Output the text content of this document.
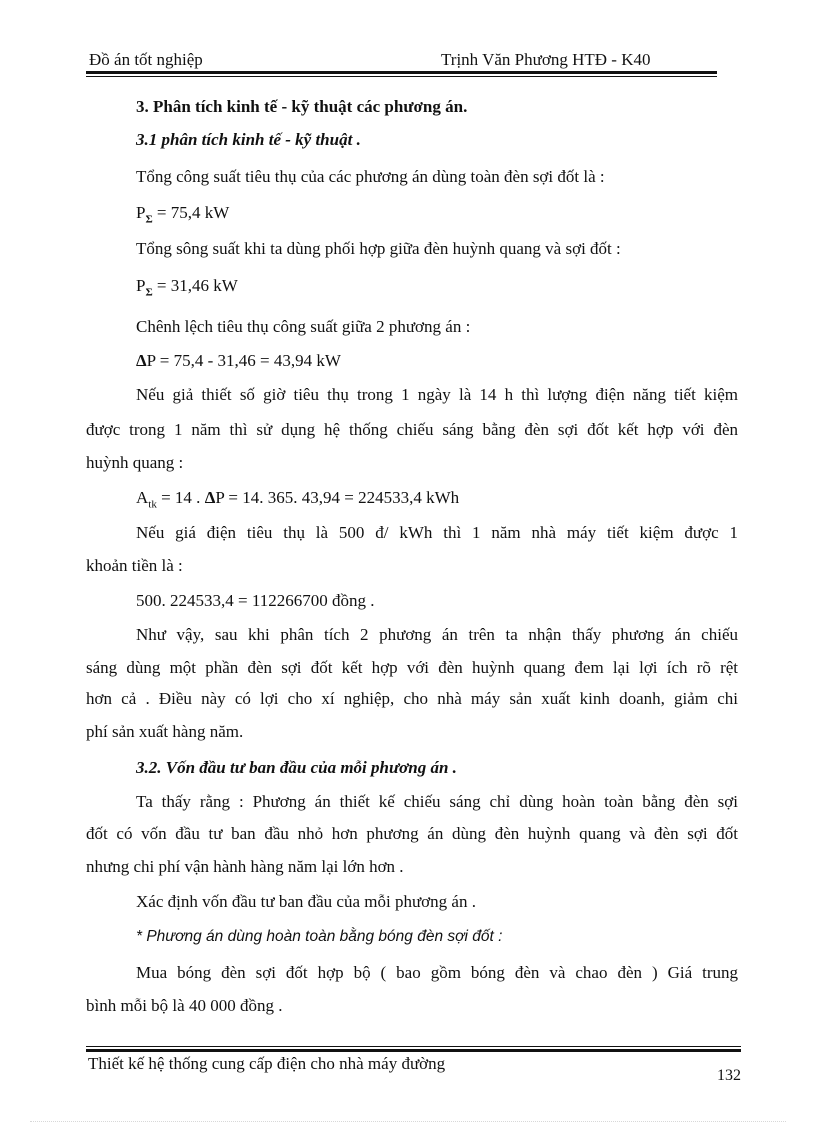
Đồ án tốt nghiệp	Trịnh Văn Phương HTĐ - K40
3. Phân tích kinh tế - kỹ thuật các phương án.
3.1 phân tích kinh tế - kỹ thuật .
Tổng công suất tiêu thụ của các phương án dùng toàn đèn sợi đốt là :
$P_\Sigma = 75,4$ kW
Tổng sông suất khi ta dùng phối hợp giữa đèn huỳnh quang và sợi đốt :
$P_\Sigma = 31,46$ kW
Chênh lệch tiêu thụ công suất giữa 2 phương án :
ΔP = 75,4 - 31,46 = 43,94 kW
Nếu giả thiết số giờ tiêu thụ trong 1 ngày là 14 h thì lượng điện năng tiết kiệm
được trong 1 năm thì sử dụng hệ thống chiếu sáng bằng đèn sợi đốt kết hợp với đèn
huỳnh quang :
$A_{tk} = 14$ . ΔP = 14. 365. 43,94 = 224533,4 kWh
Nếu giá điện tiêu thụ là 500 đ/ kWh thì 1 năm nhà máy tiết kiệm được 1
khoản tiền là :
500. 224533,4 = 112266700 đồng .
Như vậy, sau khi phân tích 2 phương án trên ta nhận thấy phương án chiếu
sáng dùng một phần đèn sợi đốt kết hợp với đèn huỳnh quang đem lại lợi ích rõ rệt
hơn cả . Điều này có lợi cho xí nghiệp, cho nhà máy sản xuất kinh doanh, giảm chi
phí sản xuất hàng năm.
3.2. Vốn đầu tư ban đầu của mỗi phương án .
Ta thấy rằng : Phương án thiết kế chiếu sáng chỉ dùng hoàn toàn bằng đèn sợi
đốt có vốn đầu tư ban đầu nhỏ hơn phương án dùng đèn huỳnh quang và đèn sợi đốt
nhưng chi phí vận hành hàng năm lại lớn hơn .
Xác định vốn đầu tư ban đầu của mỗi phương án .
* Phương án dùng hoàn toàn bằng bóng đèn sợi đốt :
Mua bóng đèn sợi đốt hợp bộ ( bao gồm bóng đèn và chao đèn ) Giá trung
bình mỗi bộ là 40 000 đồng .
Thiết kế hệ thống cung cấp điện cho nhà máy đường
132
